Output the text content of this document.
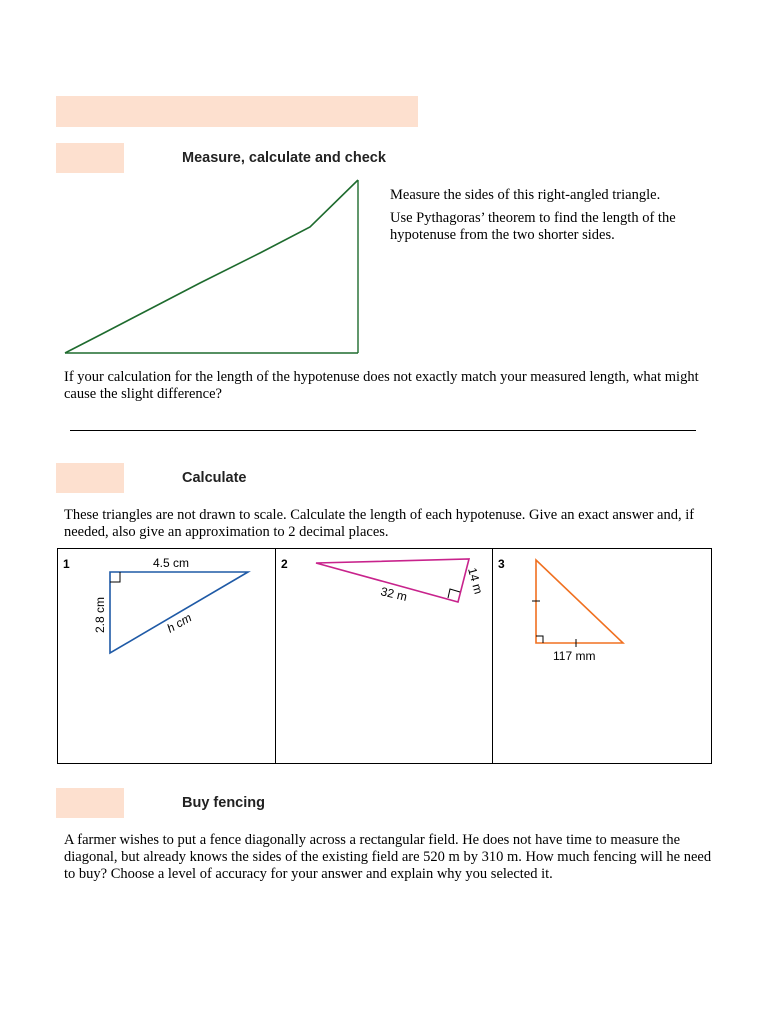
Measure, calculate and check
Measure the sides of this right-angled triangle.
Use Pythagoras’ theorem to find the length of the hypotenuse from the two shorter sides.
If your calculation for the length of the hypotenuse does not exactly match your measured length, what might cause the slight difference?
Calculate
These triangles are not drawn to scale. Calculate the length of each hypotenuse. Give an exact answer and, if needed, also give an approximation to 2 decimal places.
1	4.5 cm
2.8 cm	h cm
2
32 m	14 m
3
117 mm
Buy fencing
A farmer wishes to put a fence diagonally across a rectangular field. He does not have time to measure the diagonal, but already knows the sides of the existing field are 520 m by 310 m. How much fencing will he need to buy? Choose a level of accuracy for your answer and explain why you selected it.
